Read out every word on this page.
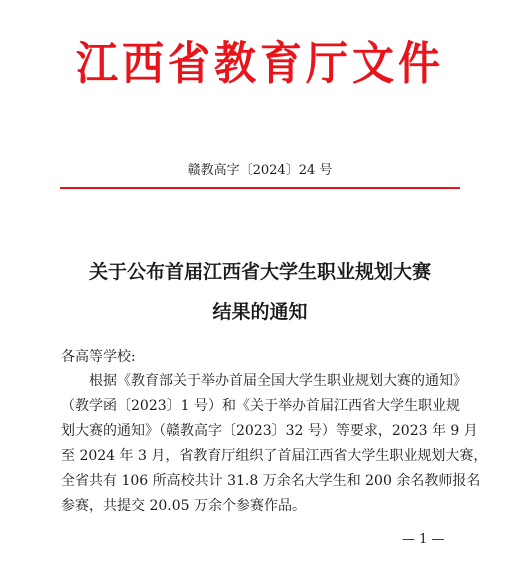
江西省教育厅文件
赣教高字〔2024〕24 号
关于公布首届江西省大学生职业规划大赛
结果的通知
各高等学校:
根据《教育部关于举办首届全国大学生职业规划大赛的通知》
（教学函〔2023〕1 号）和《关于举办首届江西省大学生职业规
划大赛的通知》（赣教高字〔2023〕32 号）等要求，2023 年 9 月
至 2024 年 3 月，省教育厅组织了首届江西省大学生职业规划大赛，
全省共有 106 所高校共计 31.8 万余名大学生和 200 余名教师报名
参赛，共提交 20.05 万余个参赛作品。
— 1 —
